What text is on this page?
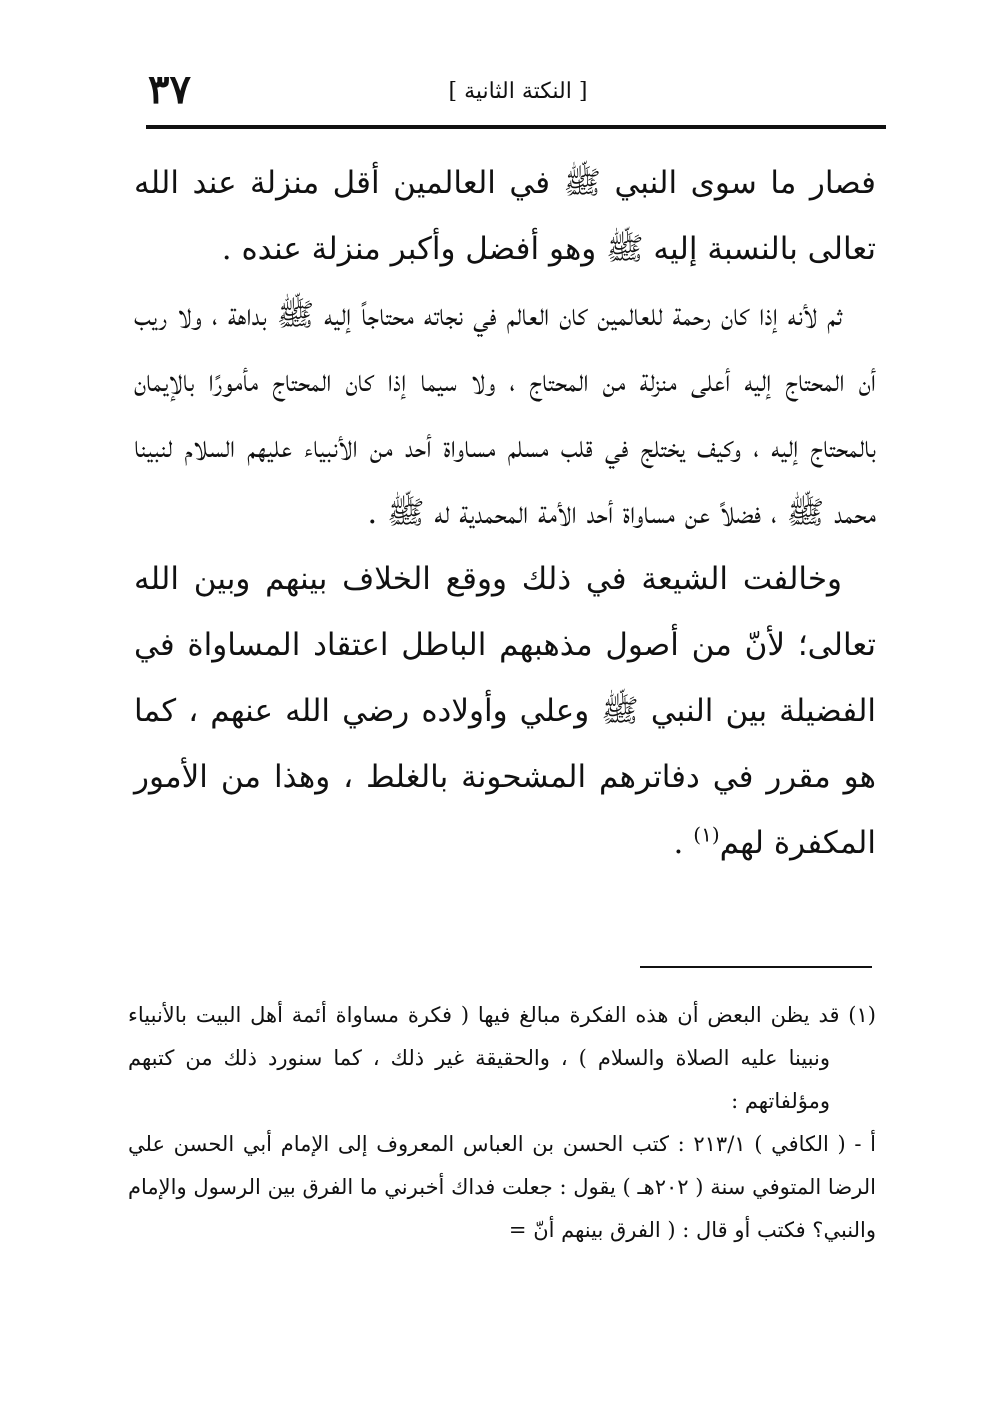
٣٧	[ النكتة الثانية ]

فصار ما سوى النبي ﷺ في العالمين أقل منزلة عند الله تعالى بالنسبة إليه ﷺ وهو أفضل وأكبر منزلة عنده .

ثم لأنه إذا كان رحمة للعالمين كان العالم في نجاته محتاجاً إليه ﷺ بداهة ، ولا ريب أن المحتاج إليه أعلى منزلة من المحتاج ، ولا سيما إذا كان المحتاج مأمورًا بالإيمان بالمحتاج إليه ، وكيف يختلج في قلب مسلم مساواة أحد من الأنبياء عليهم السلام لنبينا محمد ﷺ ، فضلاً عن مساواة أحد الأمة المحمدية له ﷺ .

وخالفت الشيعة في ذلك ووقع الخلاف بينهم وبين الله تعالى؛ لأنّ من أصول مذهبهم الباطل اعتقاد المساواة في الفضيلة بين النبي ﷺ وعلي وأولاده رضي الله عنهم ، كما هو مقرر في دفاترهم المشحونة بالغلط ، وهذا من الأمور المكفرة لهم$^{(١)}$ .

(١) قد يظن البعض أن هذه الفكرة مبالغ فيها ( فكرة مساواة أئمة أهل البيت بالأنبياء ونبينا عليه الصلاة والسلام ) ، والحقيقة غير ذلك ، كما سنورد ذلك من كتبهم ومؤلفاتهم :

أ - ( الكافي ) ٢١٣/١ : كتب الحسن بن العباس المعروف إلى الإمام أبي الحسن علي الرضا المتوفي سنة ( ٢٠٢هـ ) يقول : جعلت فداك أخبرني ما الفرق بين الرسول والإمام والنبي؟ فكتب أو قال : ( الفرق بينهم أنّ =
